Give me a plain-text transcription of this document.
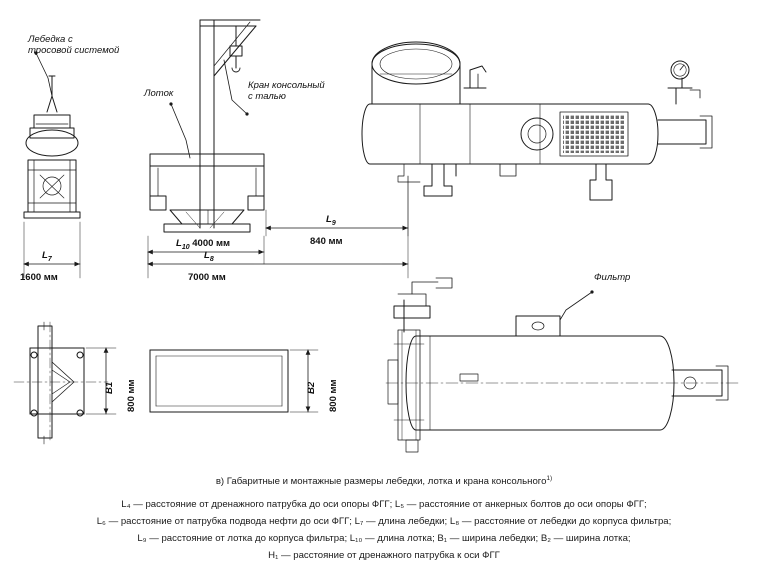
Лебедка с
тросовой системой
Лоток
Кран консольный
с талью
Фильтр
$L_7$
1600 мм
$L_{10}$ 4000 мм
$L_8$
7000 мм
$L_9$
840 мм
B1 800 мм	B2 800 мм
в) Габаритные и монтажные размеры лебедки, лотка и крана консольного$^{1)}$
L₄ — расстояние от дренажного патрубка до оси опоры ФГГ; L₅ — расстояние от анкерных болтов до оси опоры ФГГ;
L₆ — расстояние от патрубка подвода нефти до оси ФГГ; L₇ — длина лебедки; L₈ — расстояние от лебедки до корпуса фильтра;
L₉ — расстояние от лотка до корпуса фильтра; L₁₀ — длина лотка; B₁ — ширина лебедки; B₂ — ширина лотка;
H₁ — расстояние от дренажного патрубка к оси ФГГ
